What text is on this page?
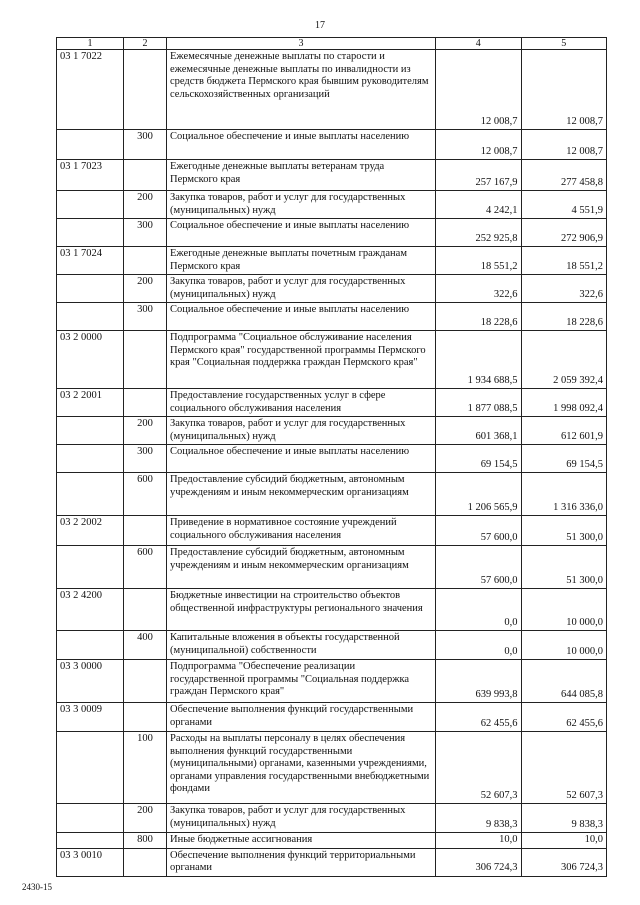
17
1	2	3	4	5
03 1 7022		Ежемесячные денежные выплаты по старости и ежемесячные денежные выплаты по инвалидности из средств бюджета Пермского края бывшим руководителям сельскохозяйственных организаций	12 008,7	12 008,7
	300	Социальное обеспечение и иные выплаты населению	12 008,7	12 008,7
03 1 7023		Ежегодные денежные выплаты ветеранам труда Пермского края	257 167,9	277 458,8
	200	Закупка товаров, работ и услуг для государственных (муниципальных) нужд	4 242,1	4 551,9
	300	Социальное обеспечение и иные выплаты населению	252 925,8	272 906,9
03 1 7024		Ежегодные денежные выплаты почетным гражданам Пермского края	18 551,2	18 551,2
	200	Закупка товаров, работ и услуг для государственных (муниципальных) нужд	322,6	322,6
	300	Социальное обеспечение и иные выплаты населению	18 228,6	18 228,6
03 2 0000		Подпрограмма "Социальное обслуживание населения Пермского края" государственной программы Пермского края "Социальная поддержка граждан Пермского края"	1 934 688,5	2 059 392,4
03 2 2001		Предоставление государственных услуг в сфере социального обслуживания населения	1 877 088,5	1 998 092,4
	200	Закупка товаров, работ и услуг для государственных (муниципальных) нужд	601 368,1	612 601,9
	300	Социальное обеспечение и иные выплаты населению	69 154,5	69 154,5
	600	Предоставление субсидий бюджетным, автономным учреждениям и иным некоммерческим организациям	1 206 565,9	1 316 336,0
03 2 2002		Приведение в нормативное состояние учреждений социального обслуживания населения	57 600,0	51 300,0
	600	Предоставление субсидий бюджетным, автономным учреждениям и иным некоммерческим организациям	57 600,0	51 300,0
03 2 4200		Бюджетные инвестиции на строительство объектов общественной инфраструктуры регионального значения	0,0	10 000,0
	400	Капитальные вложения в объекты государственной (муниципальной) собственности	0,0	10 000,0
03 3 0000		Подпрограмма "Обеспечение реализации государственной программы "Социальная поддержка граждан Пермского края"	639 993,8	644 085,8
03 3 0009		Обеспечение выполнения функций государственными органами	62 455,6	62 455,6
	100	Расходы на выплаты персоналу в целях обеспечения выполнения функций государственными (муниципальными) органами, казенными учреждениями, органами управления государственными внебюджетными фондами	52 607,3	52 607,3
	200	Закупка товаров, работ и услуг для государственных (муниципальных) нужд	9 838,3	9 838,3
	800	Иные бюджетные ассигнования	10,0	10,0
03 3 0010		Обеспечение выполнения функций территориальными органами	306 724,3	306 724,3
2430-15
